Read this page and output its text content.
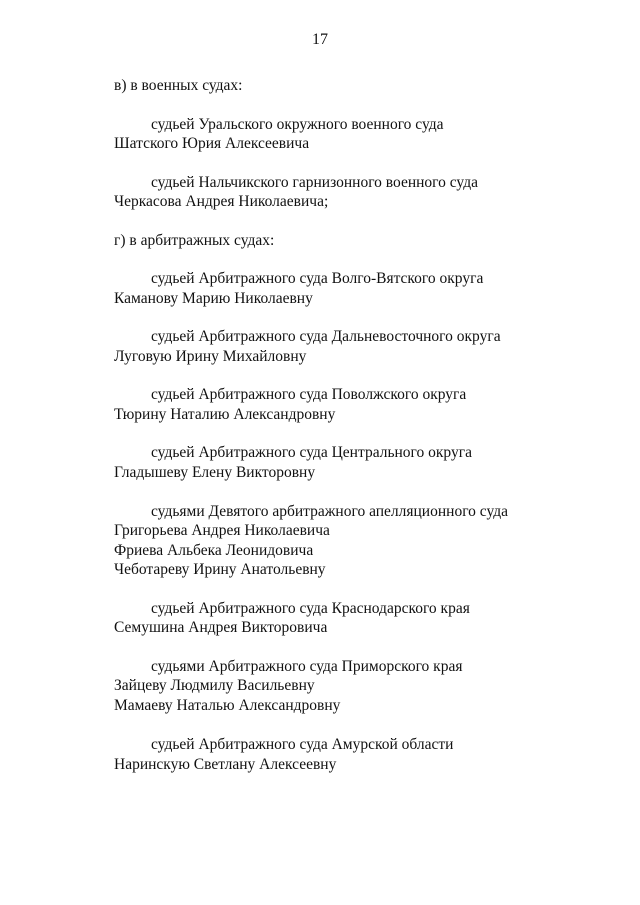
17
в) в военных судах:
судьей Уральского окружного военного суда
Шатского Юрия Алексеевича
судьей Нальчикского гарнизонного военного суда
Черкасова Андрея Николаевича;
г) в арбитражных судах:
судьей Арбитражного суда Волго-Вятского округа
Каманову Марию Николаевну
судьей Арбитражного суда Дальневосточного округа
Луговую Ирину Михайловну
судьей Арбитражного суда Поволжского округа
Тюрину Наталию Александровну
судьей Арбитражного суда Центрального округа
Гладышеву Елену Викторовну
судьями Девятого арбитражного апелляционного суда
Григорьева Андрея Николаевича
Фриева Альбека Леонидовича
Чеботареву Ирину Анатольевну
судьей Арбитражного суда Краснодарского края
Семушина Андрея Викторовича
судьями Арбитражного суда Приморского края
Зайцеву Людмилу Васильевну
Мамаеву Наталью Александровну
судьей Арбитражного суда Амурской области
Наринскую Светлану Алексеевну
